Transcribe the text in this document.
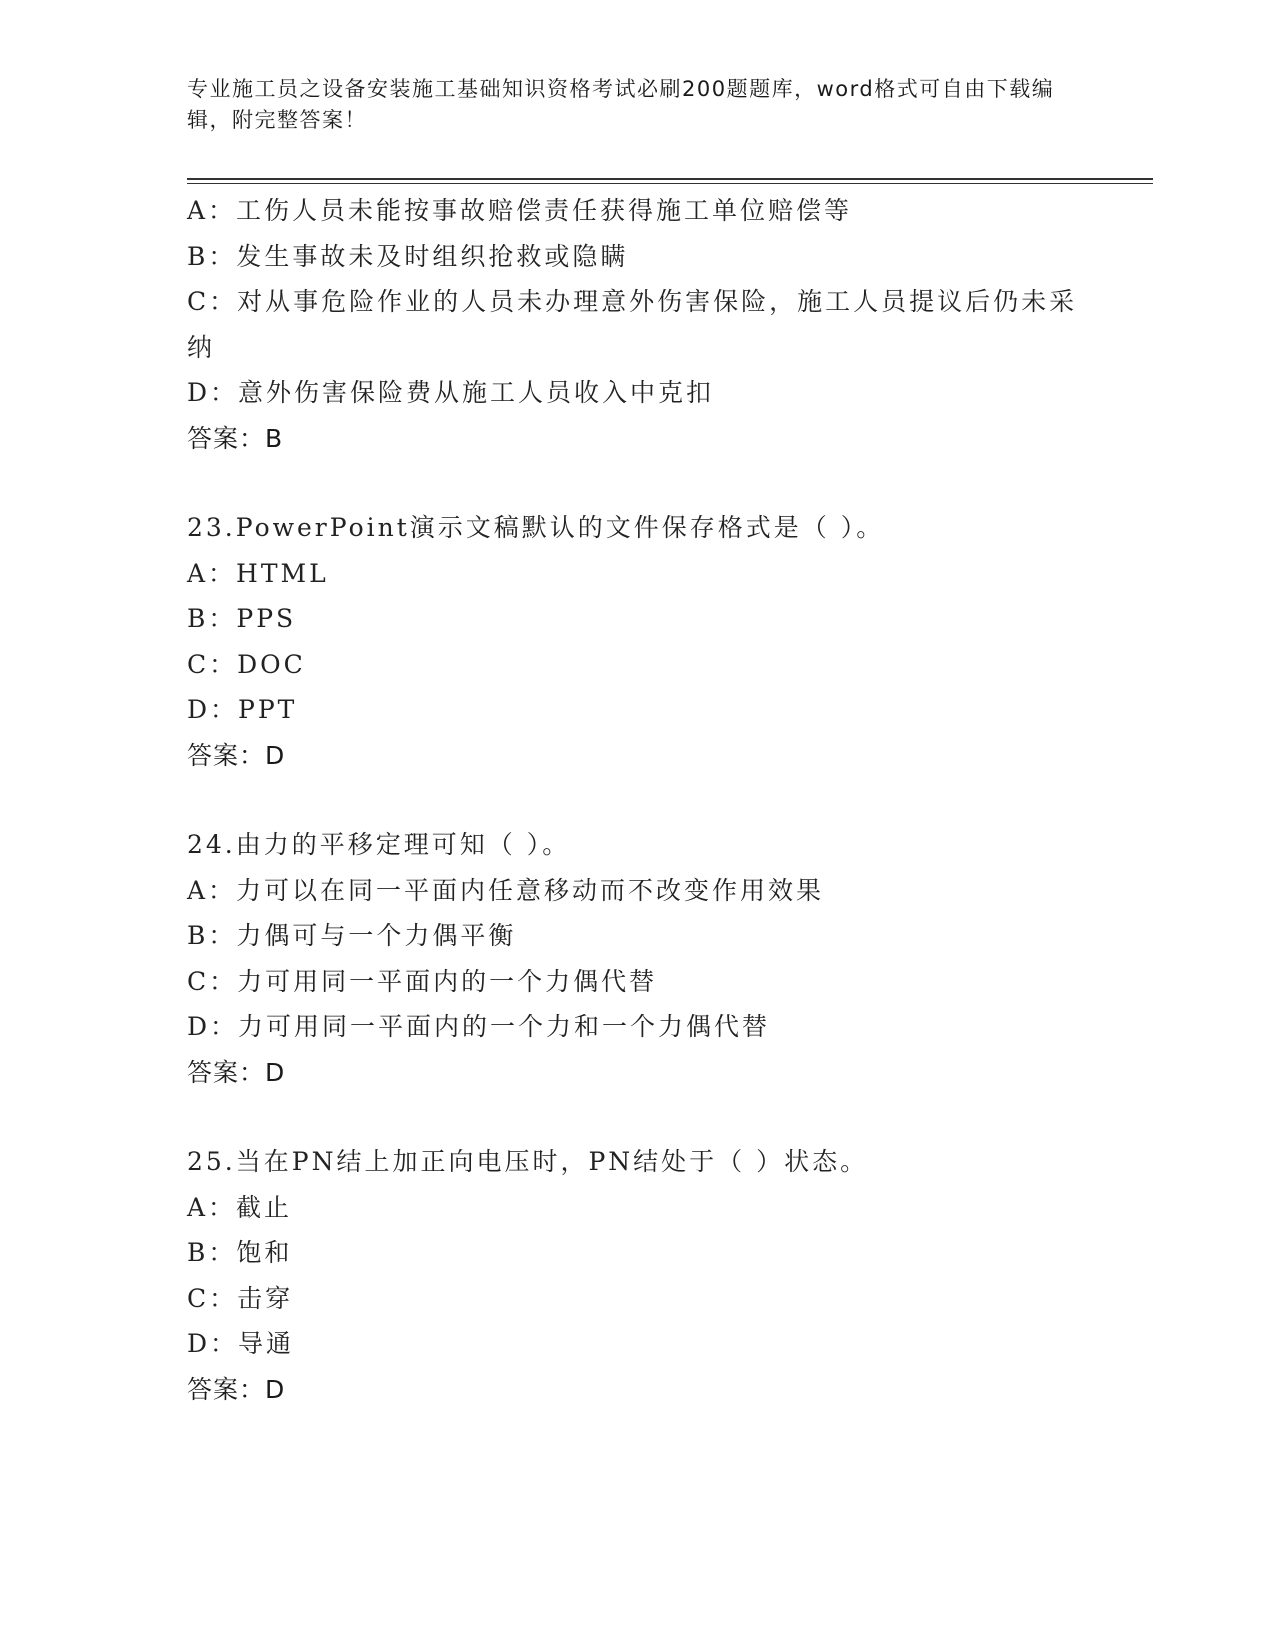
专业施工员之设备安装施工基础知识资格考试必刷200题题库，word格式可自由下载编辑，附完整答案！
A：工伤人员未能按事故赔偿责任获得施工单位赔偿等
B：发生事故未及时组织抢救或隐瞒
C：对从事危险作业的人员未办理意外伤害保险，施工人员提议后仍未采纳
D：意外伤害保险费从施工人员收入中克扣
答案：B
23.PowerPoint演示文稿默认的文件保存格式是（ ）。
A：HTML
B：PPS
C：DOC
D：PPT
答案：D
24.由力的平移定理可知（ ）。
A：力可以在同一平面内任意移动而不改变作用效果
B：力偶可与一个力偶平衡
C：力可用同一平面内的一个力偶代替
D：力可用同一平面内的一个力和一个力偶代替
答案：D
25.当在PN结上加正向电压时，PN结处于（ ）状态。
A：截止
B：饱和
C：击穿
D：导通
答案：D
